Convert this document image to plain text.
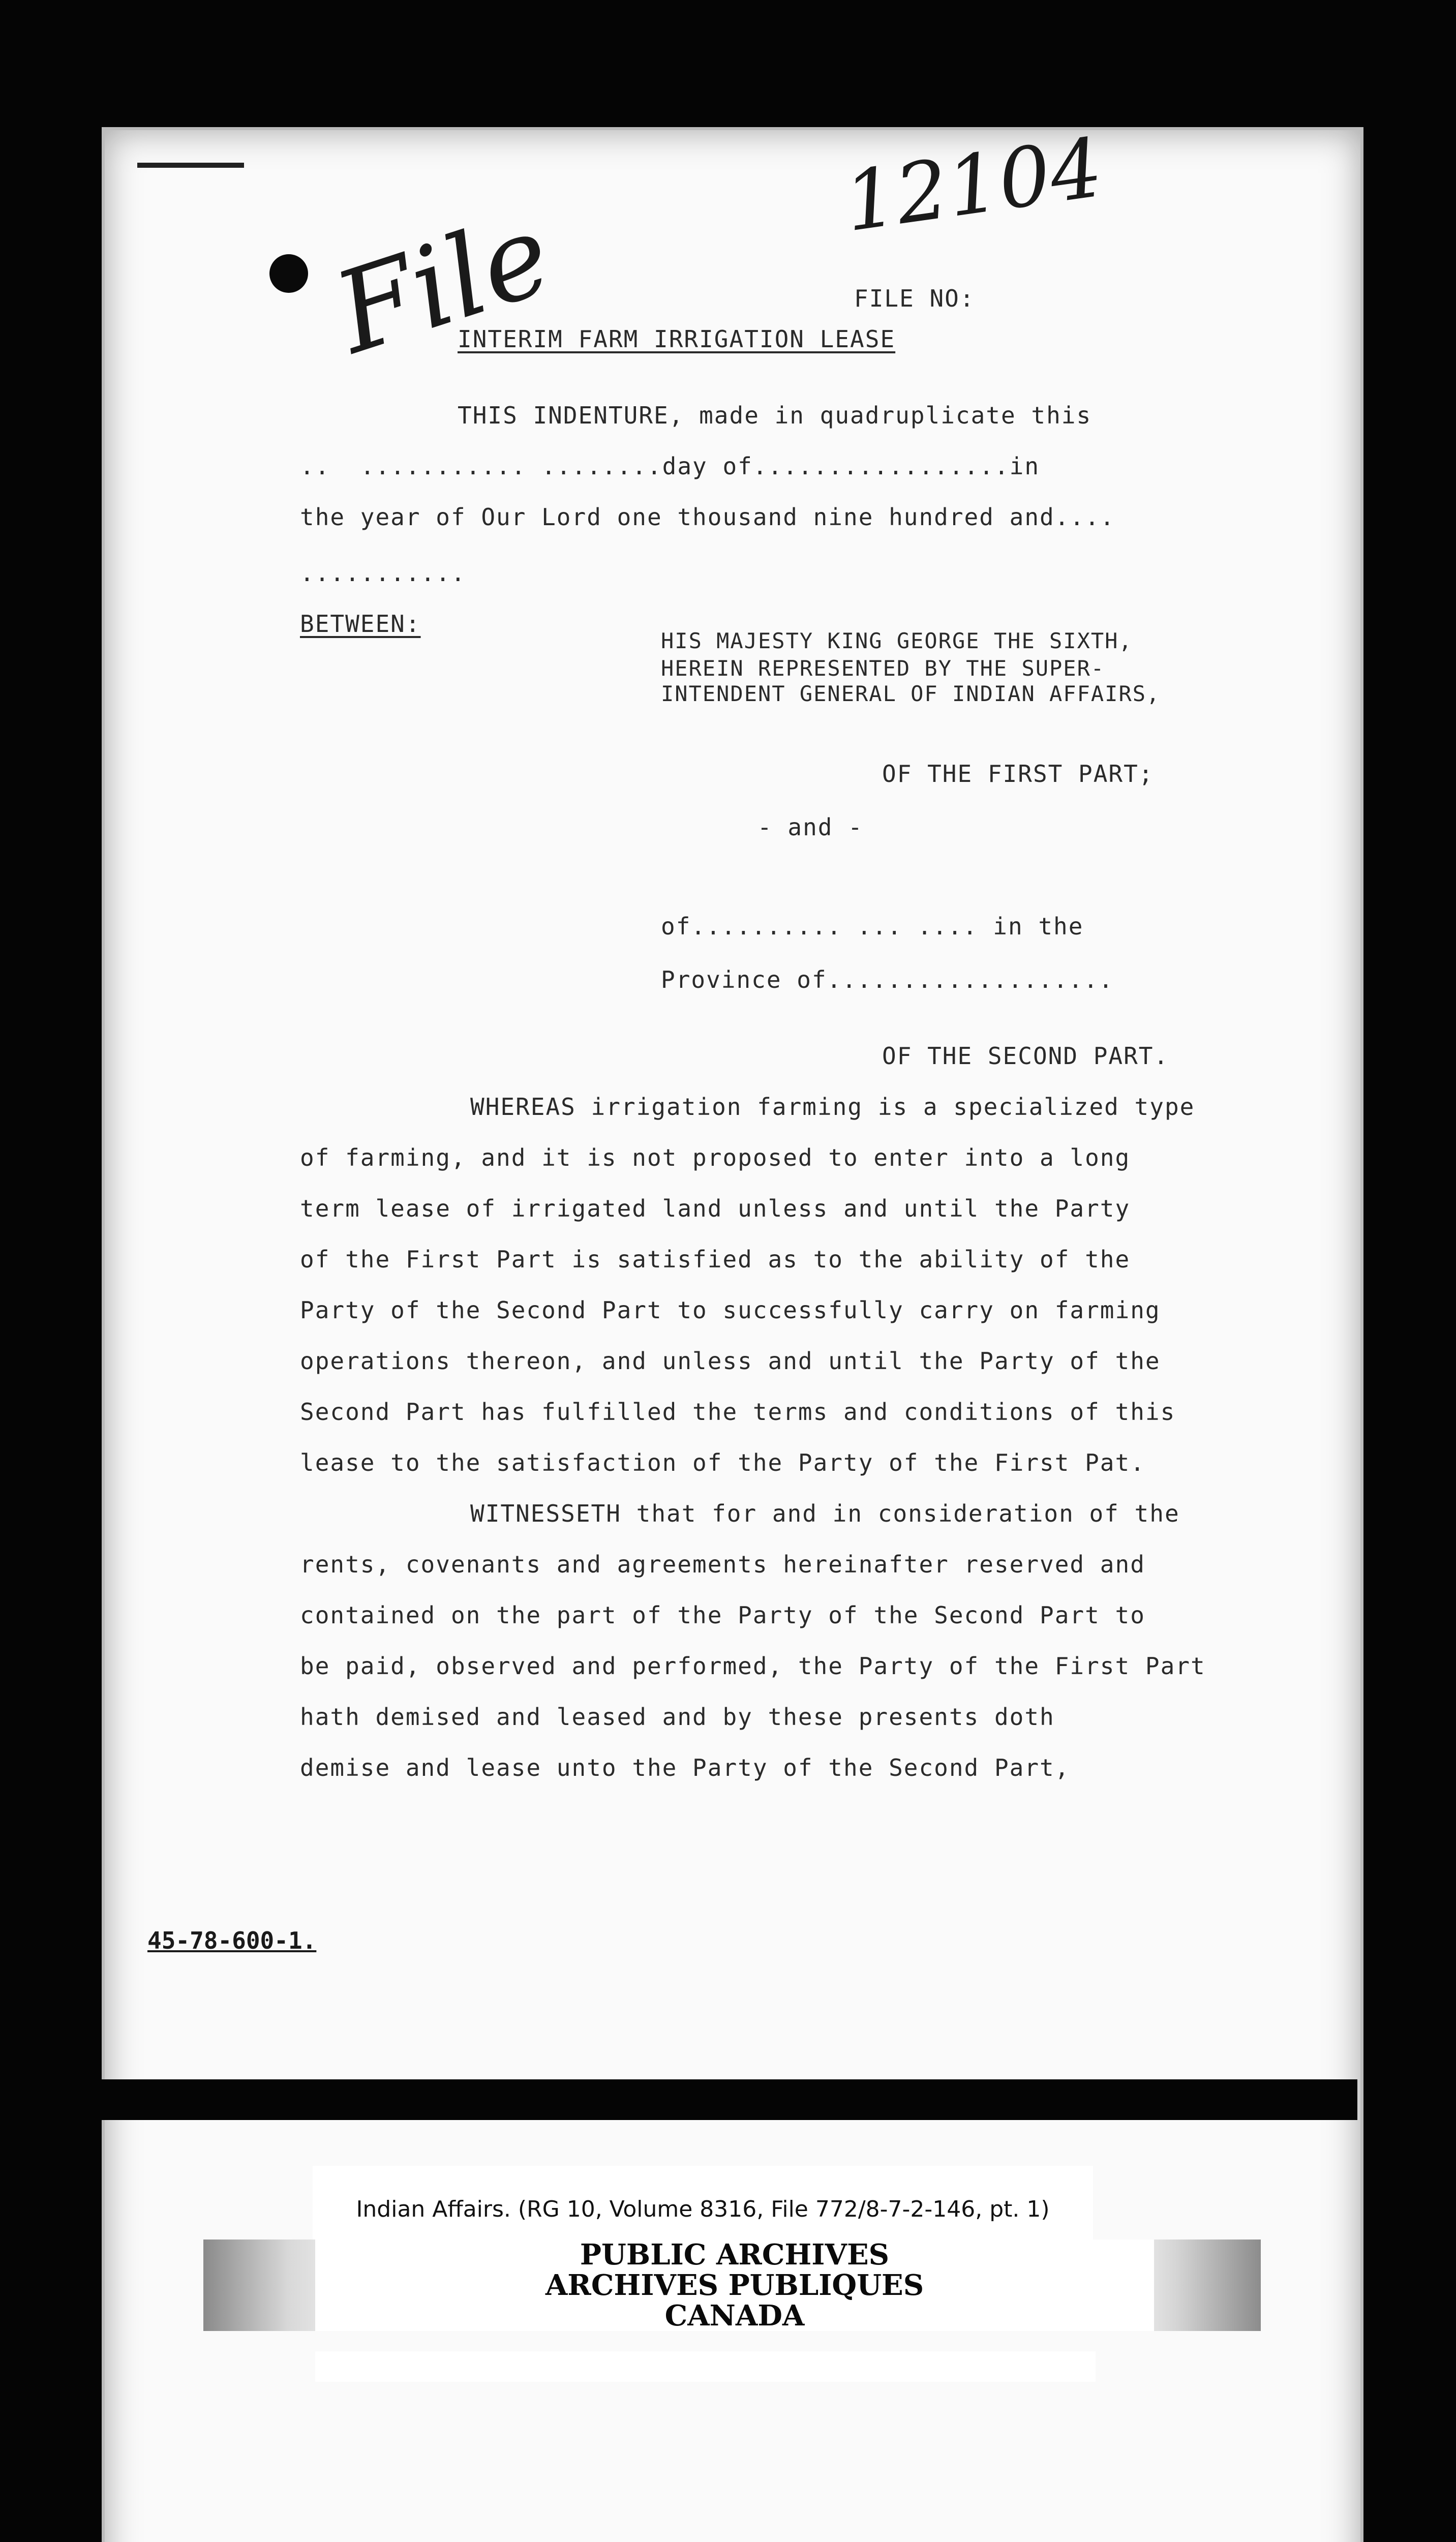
12104
File	FILE NO:
INTERIM FARM IRRIGATION LEASE
THIS INDENTURE, made in quadruplicate this
..  ........... ........day of.................in
the year of Our Lord one thousand nine hundred and....
...........
BETWEEN:
HIS MAJESTY KING GEORGE THE SIXTH,
HEREIN REPRESENTED BY THE SUPER-
INTENDENT GENERAL OF INDIAN AFFAIRS,
OF THE FIRST PART;
- and -
of.......... ... .... in the
Province of...................
OF THE SECOND PART.
WHEREAS irrigation farming is a specialized type
of farming, and it is not proposed to enter into a long
term lease of irrigated land unless and until the Party
of the First Part is satisfied as to the ability of the
Party of the Second Part to successfully carry on farming
operations thereon, and unless and until the Party of the
Second Part has fulfilled the terms and conditions of this
lease to the satisfaction of the Party of the First Pat.
WITNESSETH that for and in consideration of the
rents, covenants and agreements hereinafter reserved and
contained on the part of the Party of the Second Part to
be paid, observed and performed, the Party of the First Part
hath demised and leased and by these presents doth
demise and lease unto the Party of the Second Part,
45-78-600-1.
Indian Affairs. (RG 10, Volume 8316, File 772/8-7-2-146, pt. 1)
PUBLIC ARCHIVES
ARCHIVES PUBLIQUES
CANADA
